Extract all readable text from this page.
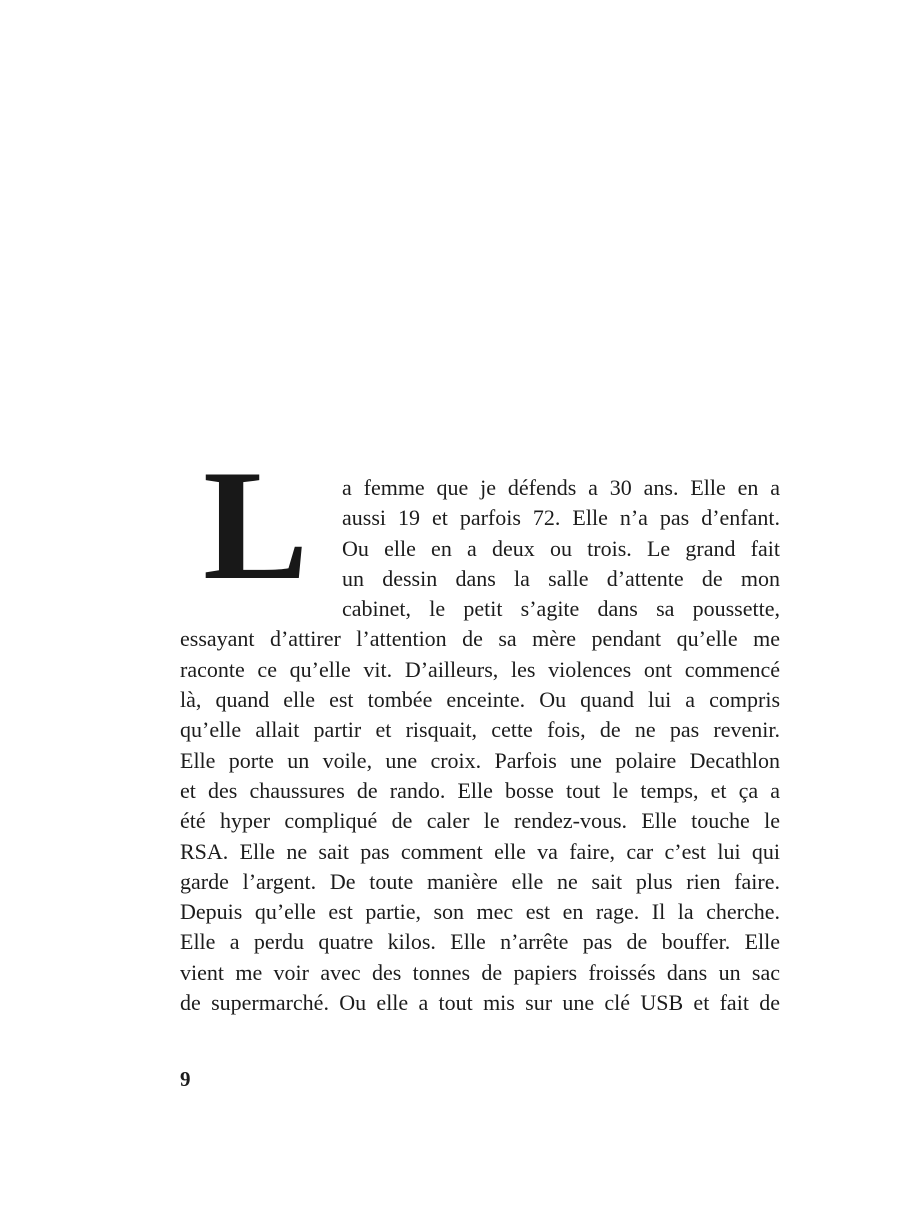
L	a femme que je défends a 30 ans. Elle en a
aussi 19 et parfois 72. Elle n’a pas d’enfant.
Ou elle en a deux ou trois. Le grand fait
un dessin dans la salle d’attente de mon
cabinet, le petit s’agite dans sa poussette,
essayant d’attirer l’attention de sa mère pendant qu’elle me
raconte ce qu’elle vit. D’ailleurs, les violences ont commencé
là, quand elle est tombée enceinte. Ou quand lui a compris
qu’elle allait partir et risquait, cette fois, de ne pas revenir.
Elle porte un voile, une croix. Parfois une polaire Decathlon
et des chaussures de rando. Elle bosse tout le temps, et ça a
été hyper compliqué de caler le rendez-vous. Elle touche le
RSA. Elle ne sait pas comment elle va faire, car c’est lui qui
garde l’argent. De toute manière elle ne sait plus rien faire.
Depuis qu’elle est partie, son mec est en rage. Il la cherche.
Elle a perdu quatre kilos. Elle n’arrête pas de bouffer. Elle
vient me voir avec des tonnes de papiers froissés dans un sac
de supermarché. Ou elle a tout mis sur une clé USB et fait de
9
